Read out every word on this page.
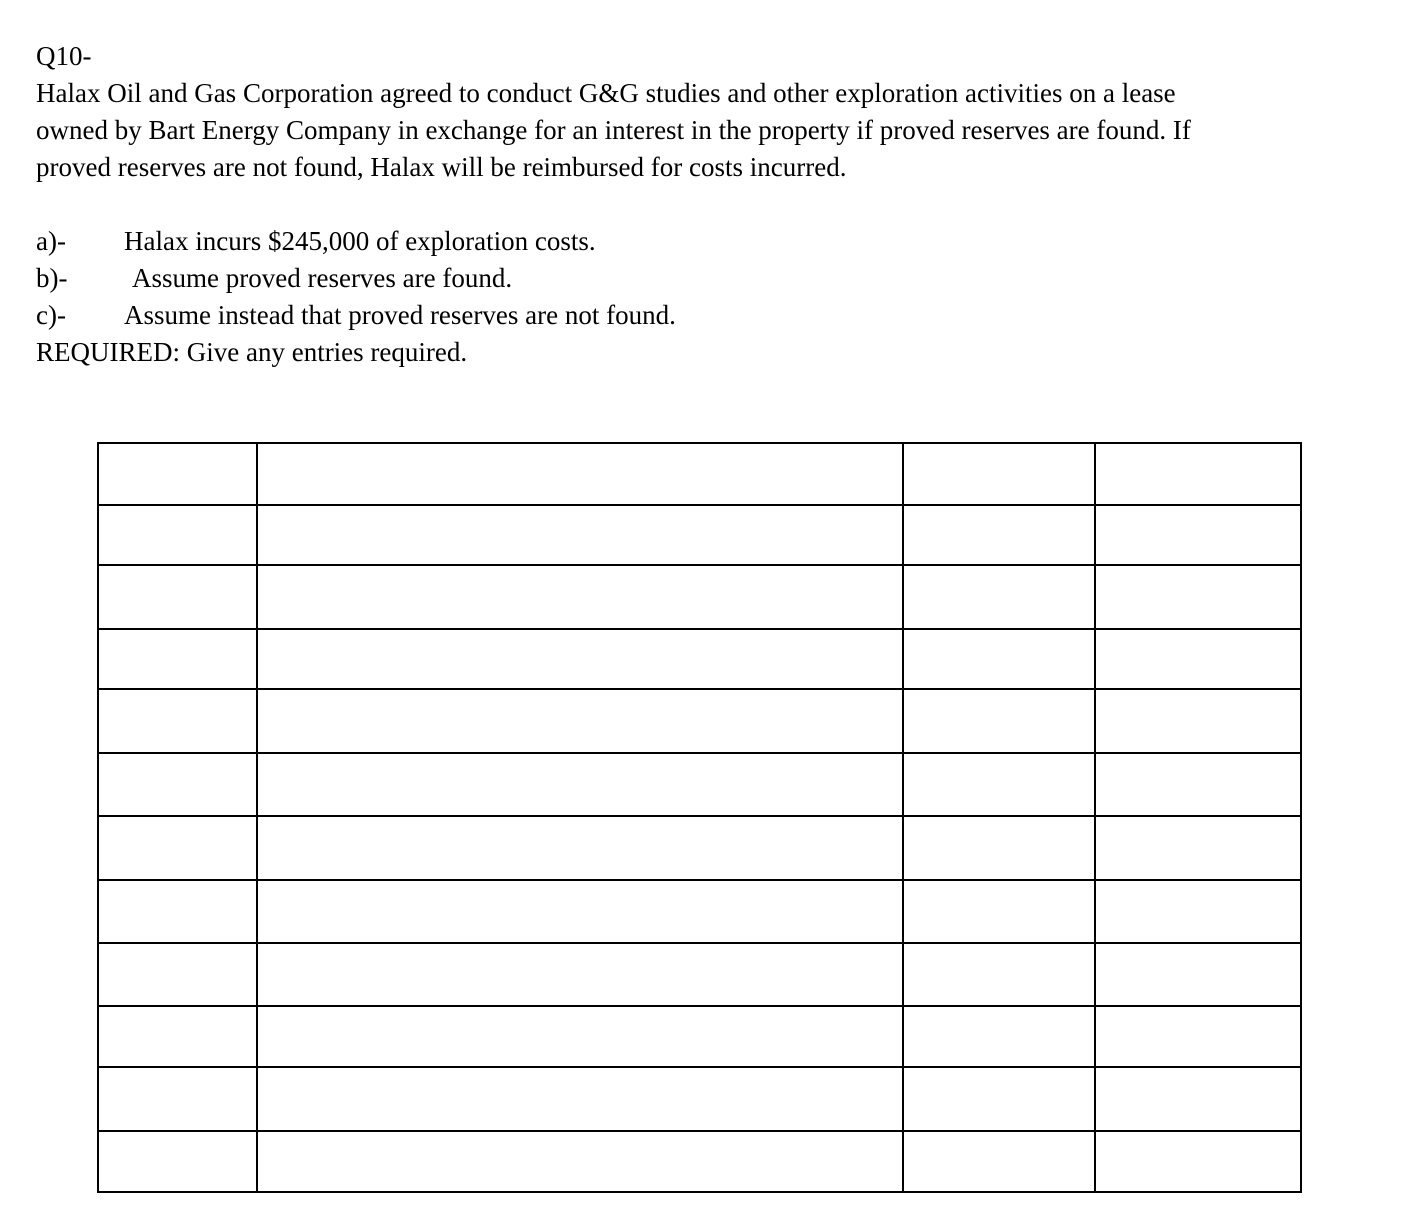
Q10-
Halax Oil and Gas Corporation agreed to conduct G&G studies and other exploration activities on a lease
owned by Bart Energy Company in exchange for an interest in the property if proved reserves are found. If
proved reserves are not found, Halax will be reimbursed for costs incurred.
a)-	Halax incurs $245,000 of exploration costs.
b)-	Assume proved reserves are found.
c)-	Assume instead that proved reserves are not found.
REQUIRED: Give any entries required.
